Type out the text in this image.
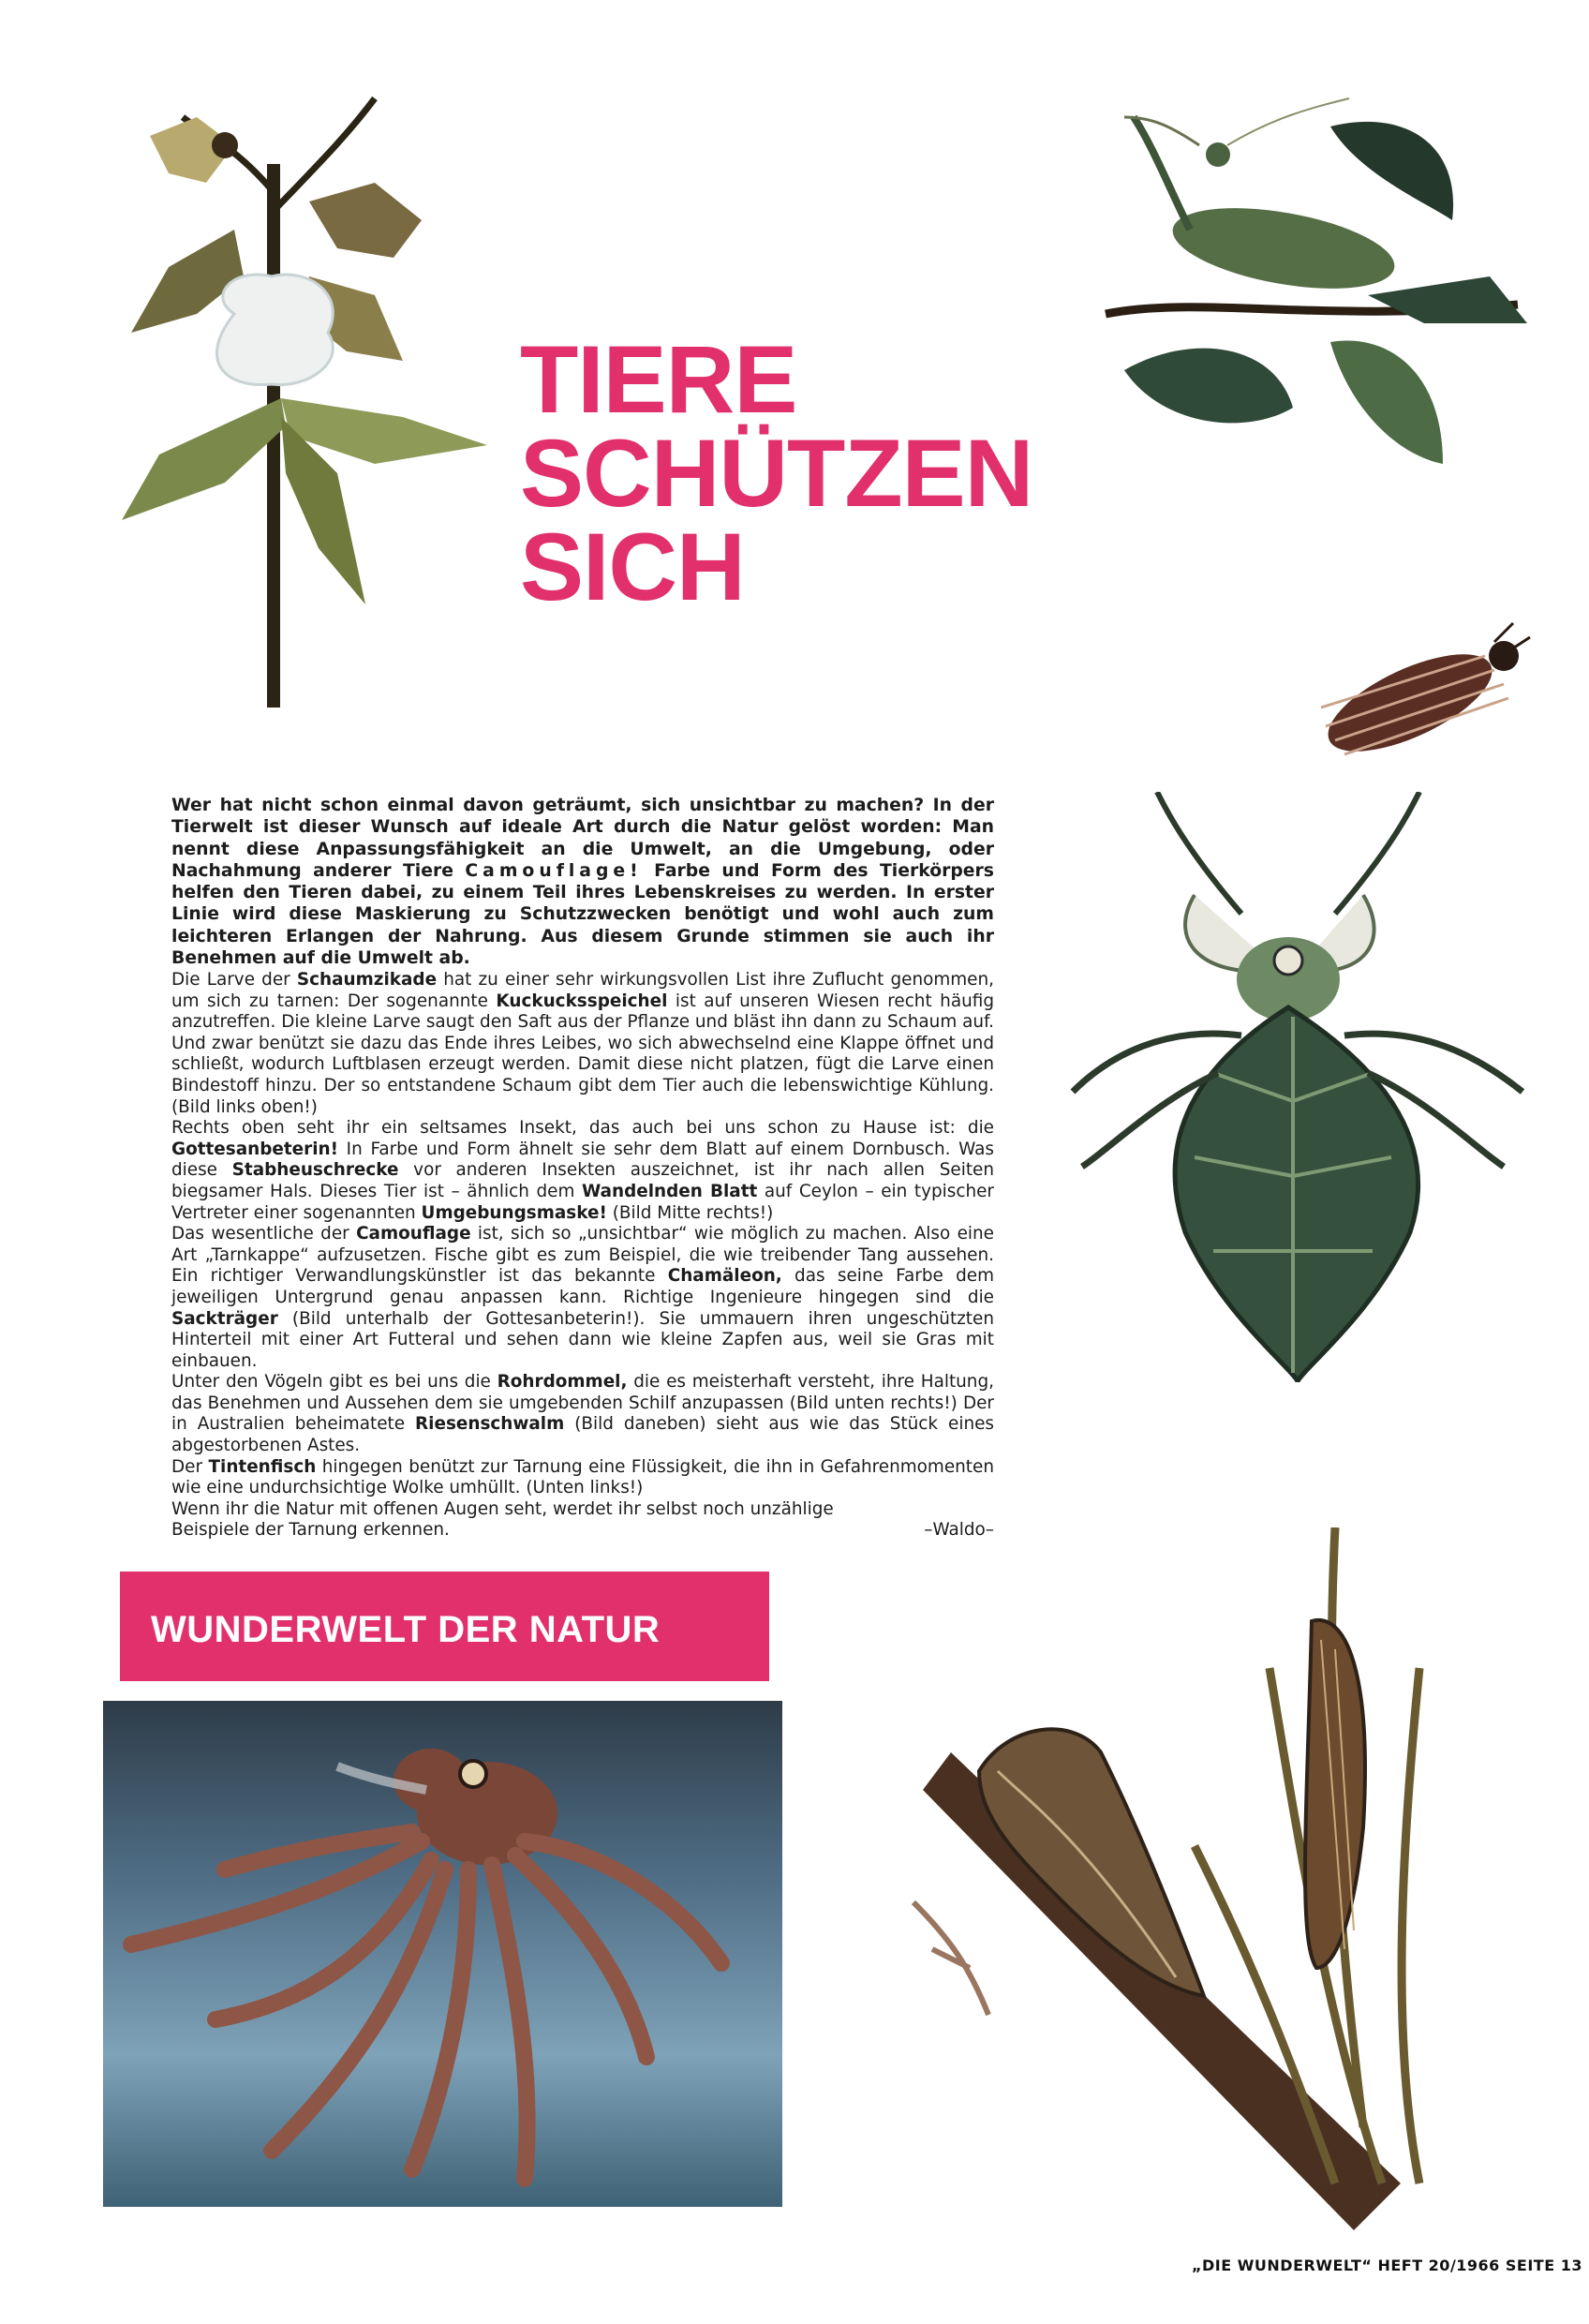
TIERE
SCHÜTZEN
SICH

Wer hat nicht schon einmal davon geträumt, sich unsichtbar zu machen? In der Tierwelt ist dieser Wunsch auf ideale Art durch die Natur gelöst worden: Man nennt diese Anpassungsfähigkeit an die Umwelt, an die Umgebung, oder Nachahmung anderer Tiere Camouflage! Farbe und Form des Tierkörpers helfen den Tieren dabei, zu einem Teil ihres Lebenskreises zu werden. In erster Linie wird diese Maskierung zu Schutzzwecken benötigt und wohl auch zum leichteren Erlangen der Nahrung. Aus diesem Grunde stimmen sie auch ihr Benehmen auf die Umwelt ab.

Die Larve der Schaumzikade hat zu einer sehr wirkungsvollen List ihre Zuflucht genommen, um sich zu tarnen: Der sogenannte Kuckucksspeichel ist auf unseren Wiesen recht häufig anzutreffen. Die kleine Larve saugt den Saft aus der Pflanze und bläst ihn dann zu Schaum auf. Und zwar benützt sie dazu das Ende ihres Leibes, wo sich abwechselnd eine Klappe öffnet und schließt, wodurch Luftblasen erzeugt werden. Damit diese nicht platzen, fügt die Larve einen Bindestoff hinzu. Der so entstandene Schaum gibt dem Tier auch die lebenswichtige Kühlung. (Bild links oben!)

Rechts oben seht ihr ein seltsames Insekt, das auch bei uns schon zu Hause ist: die Gottesanbeterin! In Farbe und Form ähnelt sie sehr dem Blatt auf einem Dornbusch. Was diese Stabheuschrecke vor anderen Insekten auszeichnet, ist ihr nach allen Seiten biegsamer Hals. Dieses Tier ist – ähnlich dem Wandelnden Blatt auf Ceylon – ein typischer Vertreter einer sogenannten Umgebungsmaske! (Bild Mitte rechts!)

Das wesentliche der Camouflage ist, sich so „unsichtbar“ wie möglich zu machen. Also eine Art „Tarnkappe“ aufzusetzen. Fische gibt es zum Beispiel, die wie treibender Tang aussehen. Ein richtiger Verwandlungskünstler ist das bekannte Chamäleon, das seine Farbe dem jeweiligen Untergrund genau anpassen kann. Richtige Ingenieure hingegen sind die Sackträger (Bild unterhalb der Gottesanbeterin!). Sie ummauern ihren ungeschützten Hinterteil mit einer Art Futteral und sehen dann wie kleine Zapfen aus, weil sie Gras mit einbauen.

Unter den Vögeln gibt es bei uns die Rohrdommel, die es meisterhaft versteht, ihre Haltung, das Benehmen und Aussehen dem sie umgebenden Schilf anzupassen (Bild unten rechts!) Der in Australien beheimatete Riesenschwalm (Bild daneben) sieht aus wie das Stück eines abgestorbenen Astes.

Der Tintenfisch hingegen benützt zur Tarnung eine Flüssigkeit, die ihn in Gefahrenmomenten wie eine undurchsichtige Wolke umhüllt. (Unten links!)

Wenn ihr die Natur mit offenen Augen seht, werdet ihr selbst noch unzählige

Beispiele der Tarnung erkennen.	–Waldo–
WUNDERWELT DER NATUR

„DIE WUNDERWELT“ HEFT 20/1966 SEITE 13
